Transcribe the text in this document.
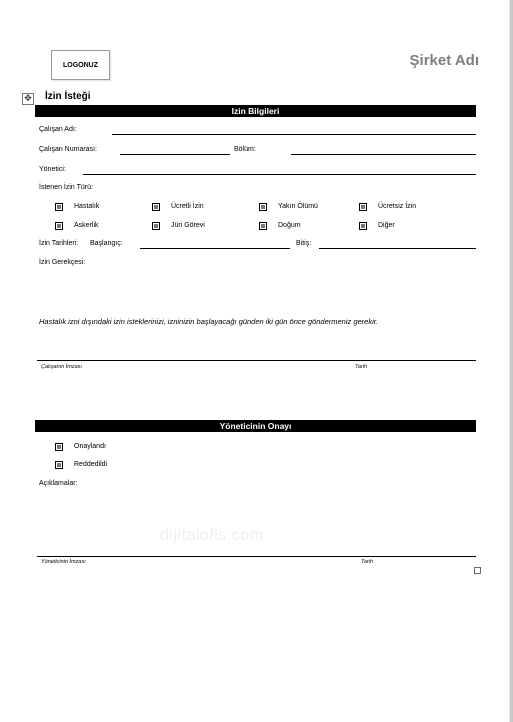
LOGONUZ	Şirket Adı
✥ İzin İsteği
Izin Bilgileri
Çalışan Adı:
Çalışan Numarası:	Bölüm:
Yönetici:
İstenen İzin Türü:
Hastalık	Ücretli İzin	Yakın Ölümü	Ücretsiz İzin
Askerlik	Jüri Görevi	Doğum	Diğer
İzin Tarihleri: Başlangıç:	Bitiş:
İzin Gerekçesi:
Hastalık izni dışındaki izin isteklerinizi, izninizin başlayacağı günden iki gün önce göndermeniz gerekir.
Çalışanın İmzası	Tarih
Yöneticinin Onayı
Onaylandı
Reddedildi
Açıklamalar:
dijitalofis.com
Yöneticinin İmzası	Tarih
